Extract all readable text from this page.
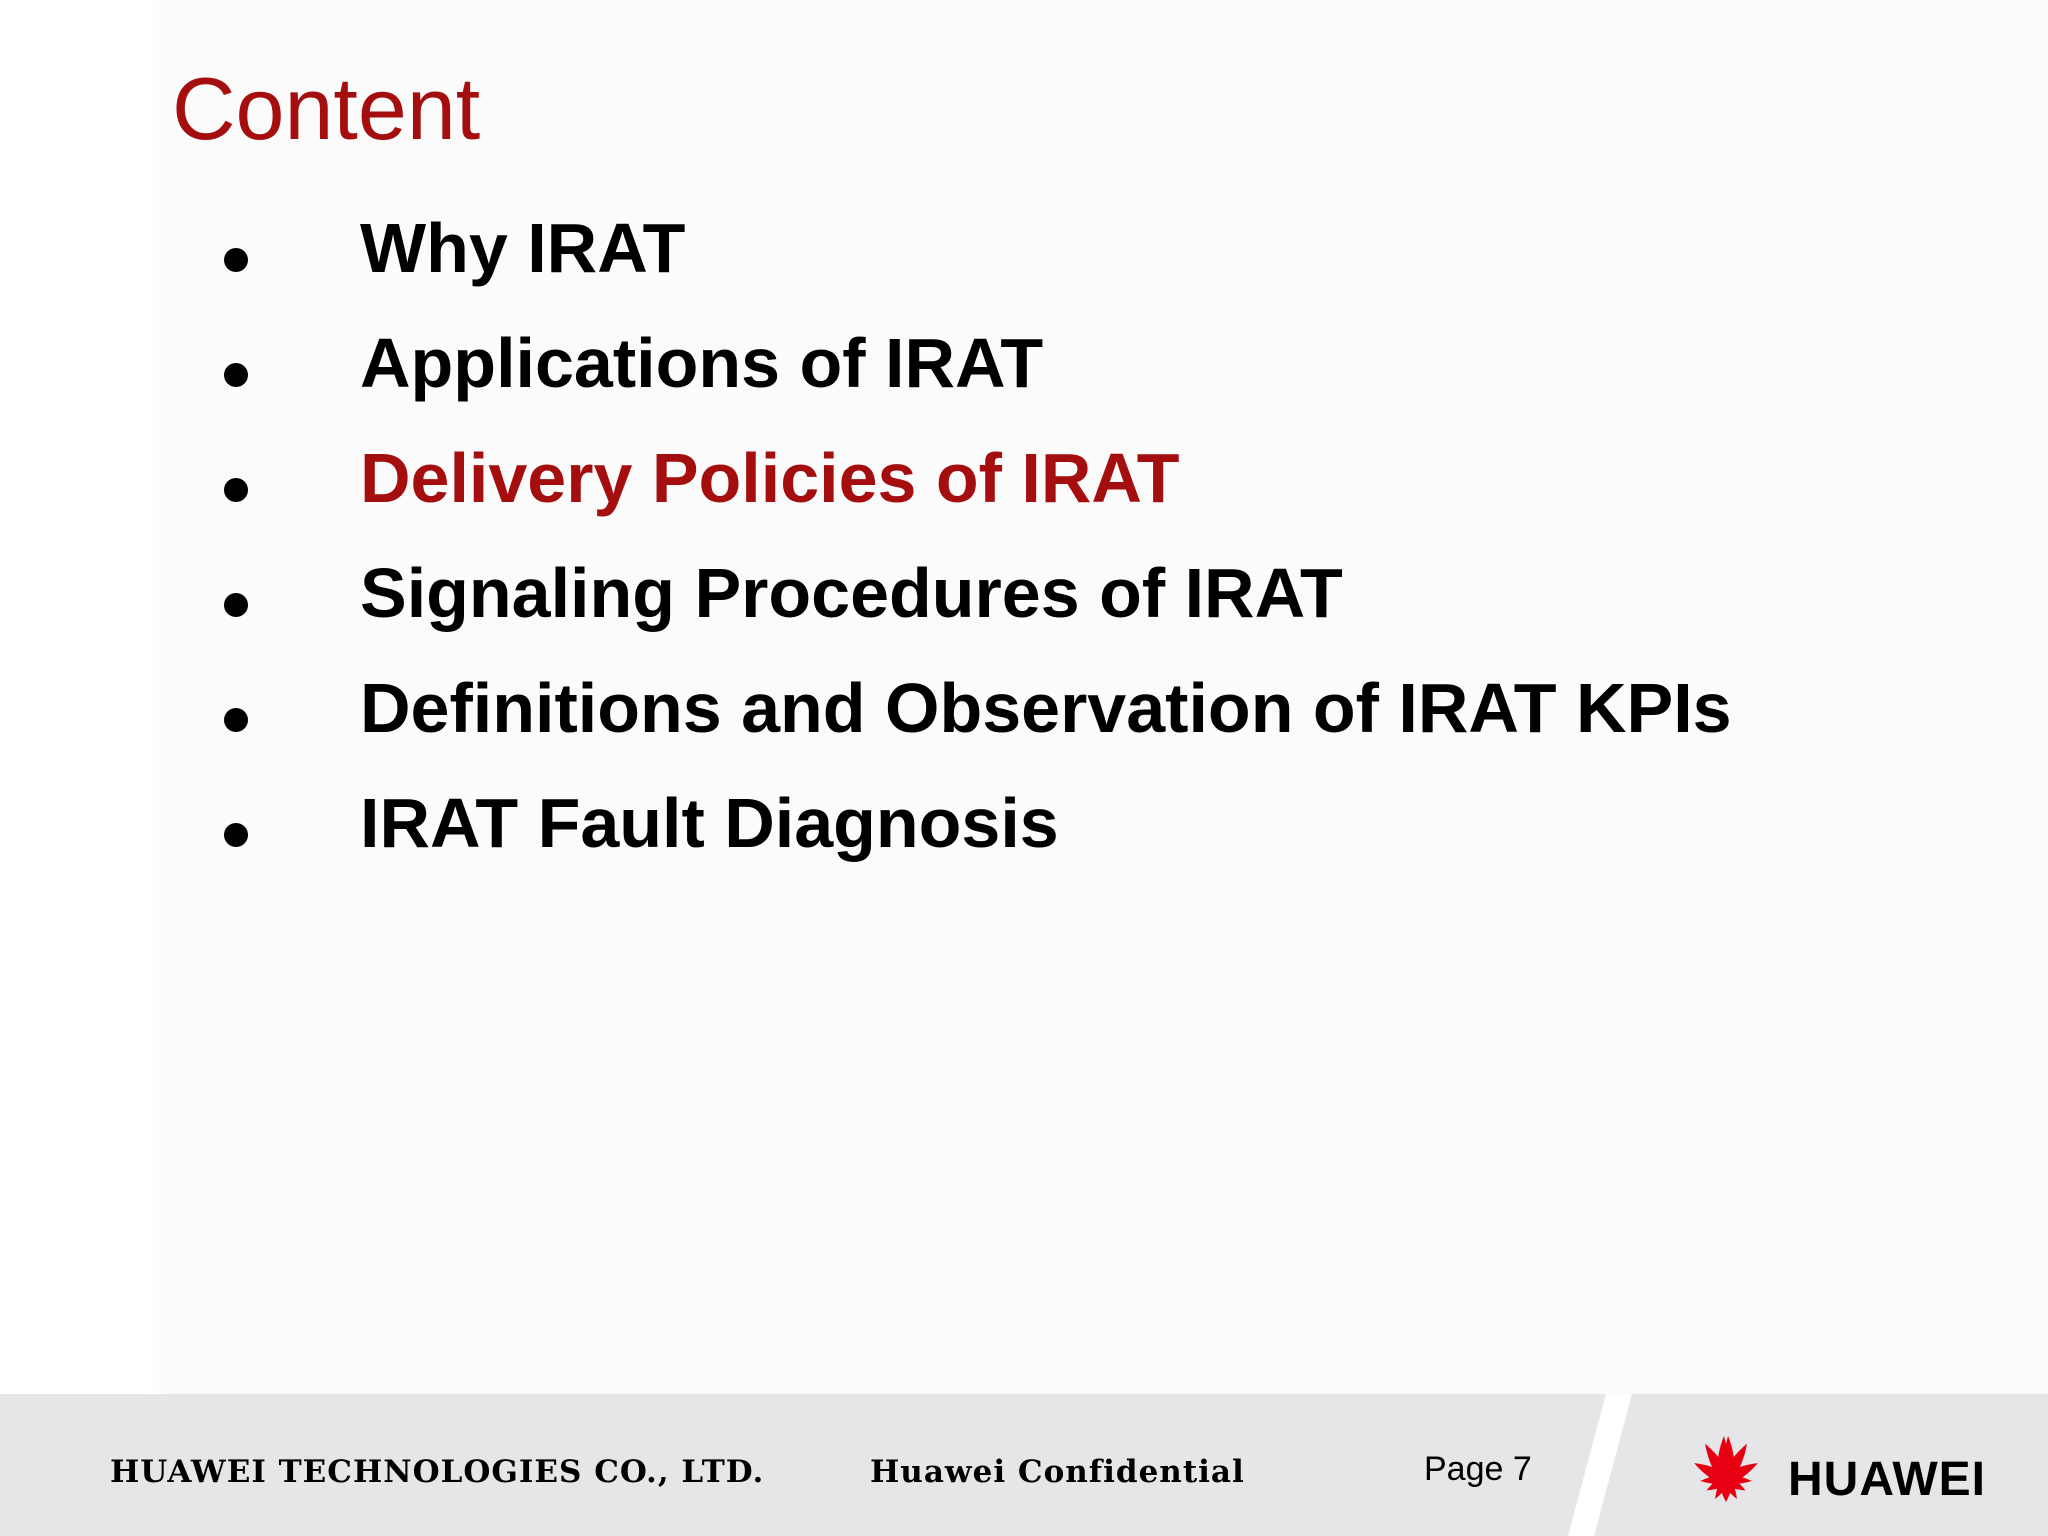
Content
Why IRAT
Applications of IRAT
Delivery Policies of IRAT
Signaling Procedures of IRAT
Definitions and Observation of IRAT KPIs
IRAT Fault Diagnosis
HUAWEI TECHNOLOGIES CO., LTD.	Huawei Confidential	Page 7	HUAWEI
